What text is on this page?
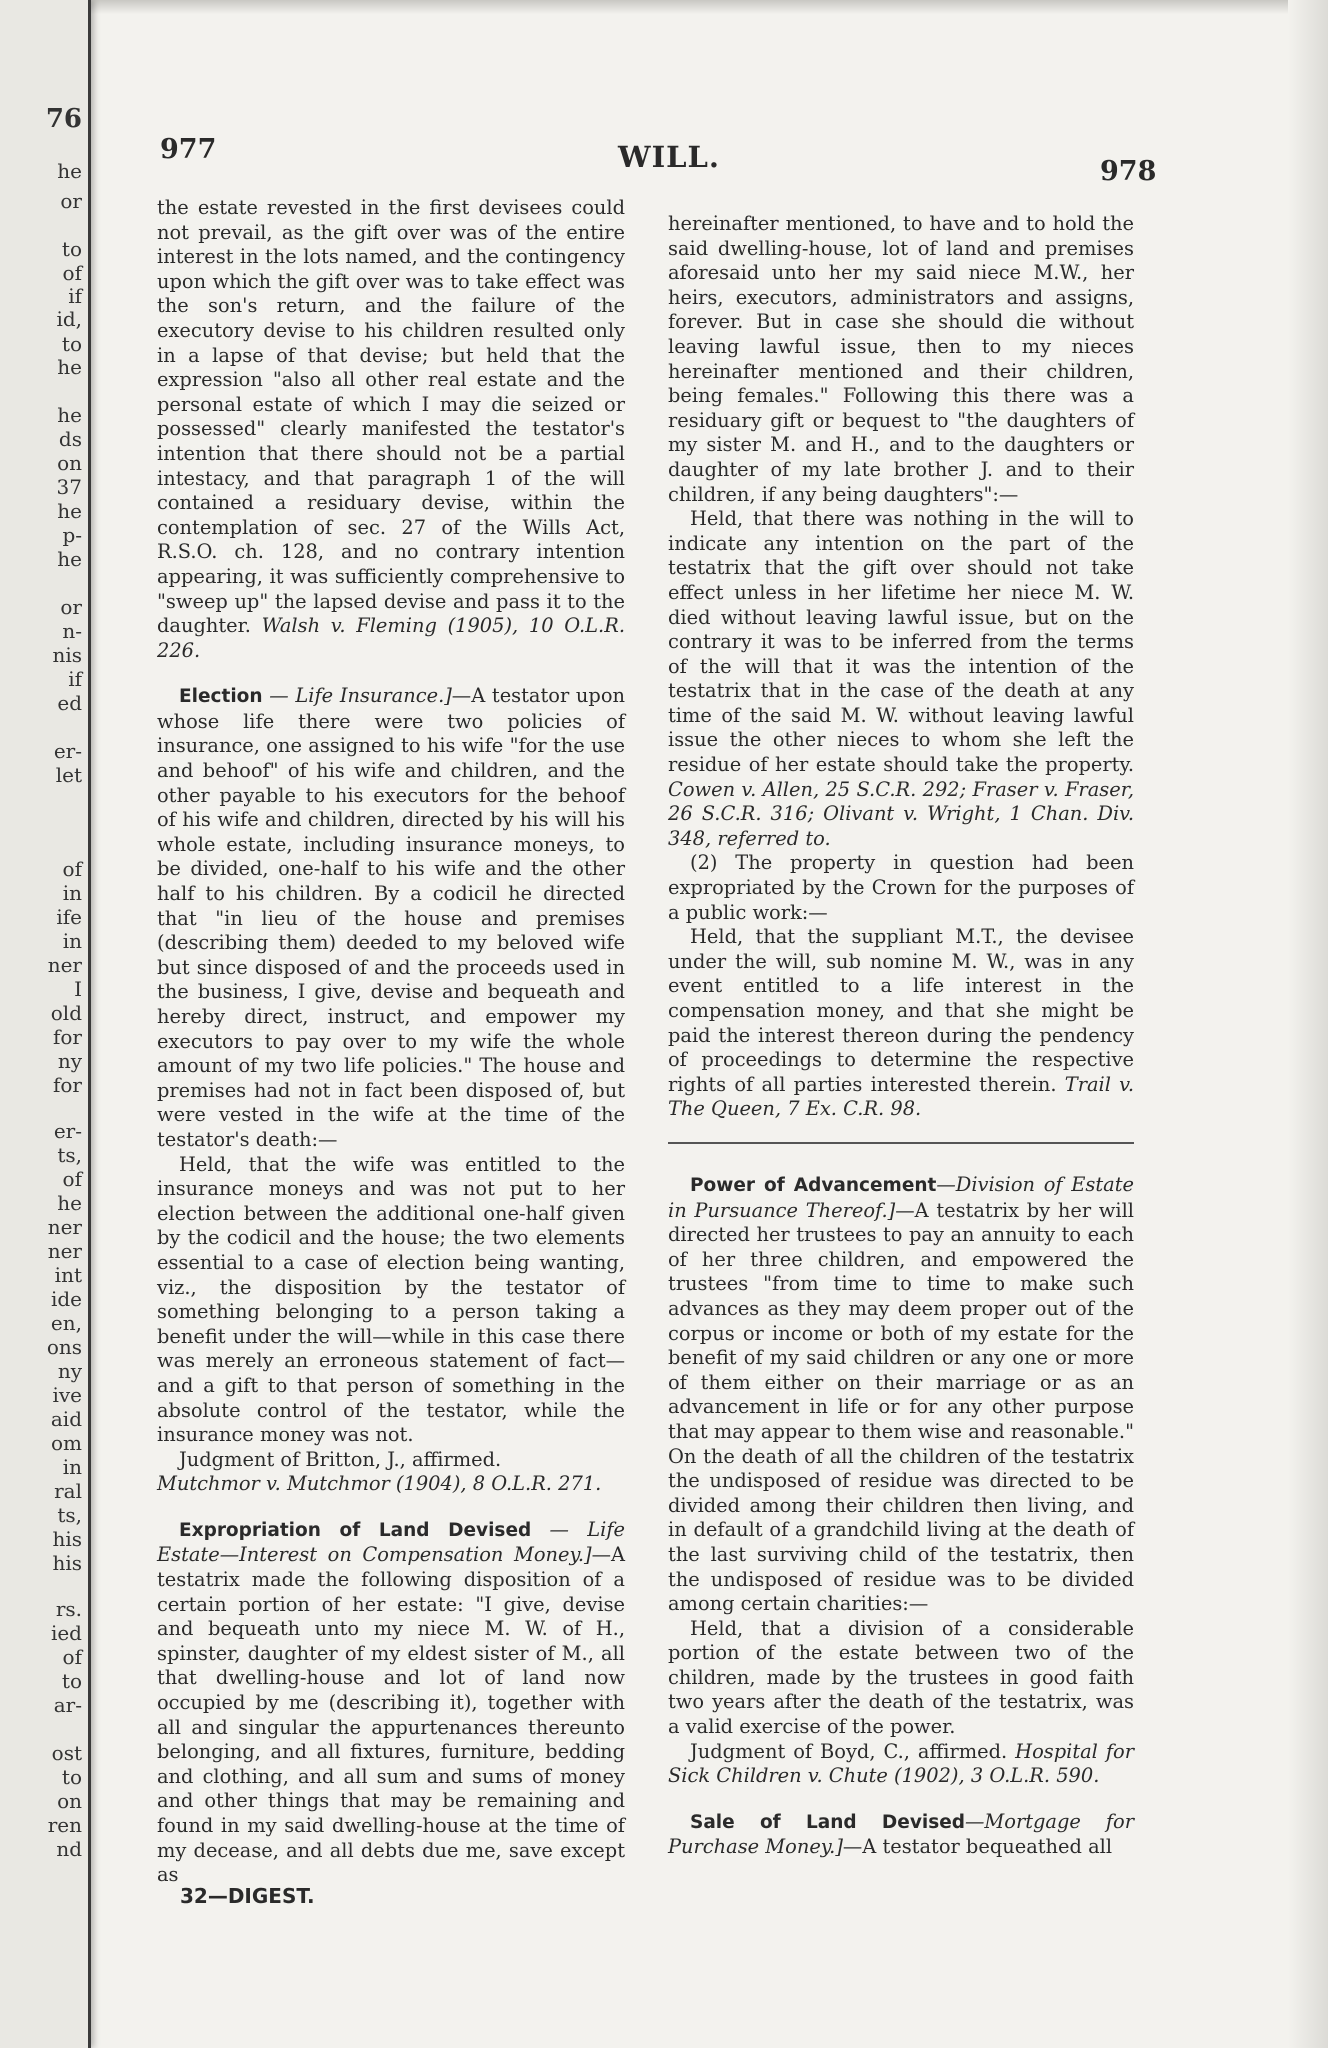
76
he
or
to
of
if
id,
to
he
he
ds
on
37
he
p-
he
or
n-
nis
if
ed
er-
let
of
in
ife
in
ner
I
old
for
ny
for
er-
ts,
of
he
ner
ner
int
ide
en,
ons
ny
ive
aid
om
in
ral
ts,
his
his
rs.
ied
of
to
ar-
ost
to
on
ren
nd
977	WILL.	978

the estate revested in the first devisees could not prevail, as the gift over was of the entire interest in the lots named, and the contingency upon which the gift over was to take effect was the son's return, and the failure of the executory devise to his children resulted only in a lapse of that devise; but held that the expression "also all other real estate and the personal estate of which I may die seized or possessed" clearly manifested the testator's intention that there should not be a partial intestacy, and that paragraph 1 of the will contained a residuary devise, within the contemplation of sec. 27 of the Wills Act, R.S.O. ch. 128, and no contrary intention appearing, it was sufficiently comprehensive to "sweep up" the lapsed devise and pass it to the daughter. Walsh v. Fleming (1905), 10 O.L.R. 226.

Election — Life Insurance.]—A testator upon whose life there were two policies of insurance, one assigned to his wife "for the use and behoof" of his wife and children, and the other payable to his executors for the behoof of his wife and children, directed by his will his whole estate, including insurance moneys, to be divided, one-half to his wife and the other half to his children. By a codicil he directed that "in lieu of the house and premises (describing them) deeded to my beloved wife but since disposed of and the proceeds used in the business, I give, devise and bequeath and hereby direct, instruct, and empower my executors to pay over to my wife the whole amount of my two life policies." The house and premises had not in fact been disposed of, but were vested in the wife at the time of the testator's death:—

Held, that the wife was entitled to the insurance moneys and was not put to her election between the additional one-half given by the codicil and the house; the two elements essential to a case of election being wanting, viz., the disposition by the testator of something belonging to a person taking a benefit under the will—while in this case there was merely an erroneous statement of fact—and a gift to that person of something in the absolute control of the testator, while the insurance money was not.

Judgment of Britton, J., affirmed.

Mutchmor v. Mutchmor (1904), 8 O.L.R. 271.

Expropriation of Land Devised — Life Estate—Interest on Compensation Money.]—A testatrix made the following disposition of a certain portion of her estate: "I give, devise and bequeath unto my niece M. W. of H., spinster, daughter of my eldest sister of M., all that dwelling-house and lot of land now occupied by me (describing it), together with all and singular the appurtenances thereunto belonging, and all fixtures, furniture, bedding and clothing, and all sum and sums of money and other things that may be remaining and found in my said dwelling-house at the time of my decease, and all debts due me, save except as

32—DIGEST.

hereinafter mentioned, to have and to hold the said dwelling-house, lot of land and premises aforesaid unto her my said niece M.W., her heirs, executors, administrators and assigns, forever. But in case she should die without leaving lawful issue, then to my nieces hereinafter mentioned and their children, being females." Following this there was a residuary gift or bequest to "the daughters of my sister M. and H., and to the daughters or daughter of my late brother J. and to their children, if any being daughters":—

Held, that there was nothing in the will to indicate any intention on the part of the testatrix that the gift over should not take effect unless in her lifetime her niece M. W. died without leaving lawful issue, but on the contrary it was to be inferred from the terms of the will that it was the intention of the testatrix that in the case of the death at any time of the said M. W. without leaving lawful issue the other nieces to whom she left the residue of her estate should take the property. Cowen v. Allen, 25 S.C.R. 292; Fraser v. Fraser, 26 S.C.R. 316; Olivant v. Wright, 1 Chan. Div. 348, referred to.

(2) The property in question had been expropriated by the Crown for the purposes of a public work:—

Held, that the suppliant M.T., the devisee under the will, sub nomine M. W., was in any event entitled to a life interest in the compensation money, and that she might be paid the interest thereon during the pendency of proceedings to determine the respective rights of all parties interested therein. Trail v. The Queen, 7 Ex. C.R. 98.

Power of Advancement—Division of Estate in Pursuance Thereof.]—A testatrix by her will directed her trustees to pay an annuity to each of her three children, and empowered the trustees "from time to time to make such advances as they may deem proper out of the corpus or income or both of my estate for the benefit of my said children or any one or more of them either on their marriage or as an advancement in life or for any other purpose that may appear to them wise and reasonable." On the death of all the children of the testatrix the undisposed of residue was directed to be divided among their children then living, and in default of a grandchild living at the death of the last surviving child of the testatrix, then the undisposed of residue was to be divided among certain charities:—

Held, that a division of a considerable portion of the estate between two of the children, made by the trustees in good faith two years after the death of the testatrix, was a valid exercise of the power.

Judgment of Boyd, C., affirmed. Hospital for Sick Children v. Chute (1902), 3 O.L.R. 590.

Sale of Land Devised—Mortgage for Purchase Money.]—A testator bequeathed all
